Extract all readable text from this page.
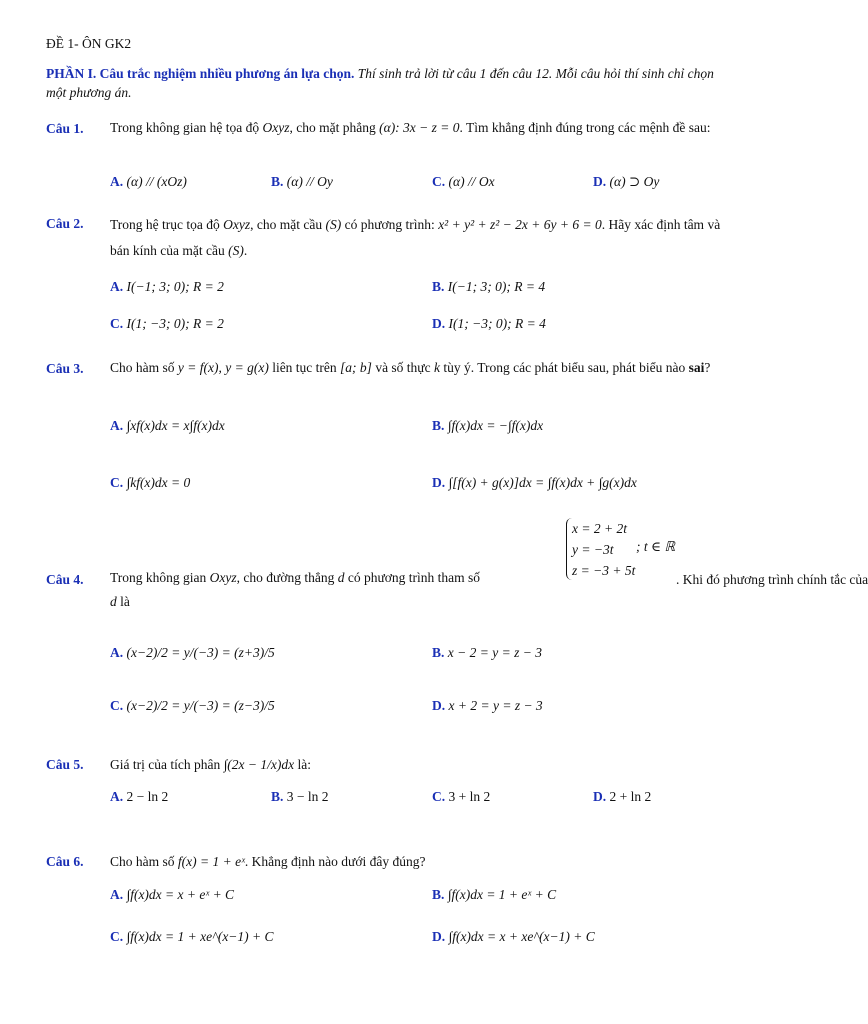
ĐỀ 1- ÔN GK2
PHẦN I. Câu trắc nghiệm nhiều phương án lựa chọn. Thí sinh trả lời từ câu 1 đến câu 12. Mỗi câu hỏi thí sinh chỉ chọn một phương án.
Câu 1. Trong không gian hệ tọa độ Oxyz, cho mặt phẳng (α): 3x − z = 0. Tìm khẳng định đúng trong các mệnh đề sau:
A. (α) // (xOz)	B. (α) // Oy	C. (α) // Ox	D. (α) ⊃ Oy
Câu 2. Trong hệ trục tọa độ Oxyz, cho mặt cầu (S) có phương trình: x² + y² + z² − 2x + 6y + 6 = 0. Hãy xác định tâm và bán kính của mặt cầu (S).
A. I(−1; 3; 0); R = 2	B. I(−1; 3; 0); R = 4
C. I(1; −3; 0); R = 2	D. I(1; −3; 0); R = 4
Câu 3. Cho hàm số y = f(x), y = g(x) liên tục trên [a; b] và số thực k tùy ý. Trong các phát biểu sau, phát biểu nào sai?
A. ∫xf(x)dx = x∫f(x)dx	B. ∫f(x)dx = −∫f(x)dx
C. ∫kf(x)dx = 0	D. ∫[f(x) + g(x)]dx = ∫f(x)dx + ∫g(x)dx
Câu 4. Trong không gian Oxyz, cho đường thẳng d có phương trình tham số
x = 2 + 2t
y = −3t
z = −3 + 5t
; t ∈ ℝ
. Khi đó phương trình chính tắc của
d là
A. (x−2)/2 = y/(−3) = (z+3)/5	B. x − 2 = y = z − 3
C. (x−2)/2 = y/(−3) = (z−3)/5	D. x + 2 = y = z − 3
Câu 5. Giá trị của tích phân ∫(2x − 1/x)dx là:
A. 2 − ln 2	B. 3 − ln 2	C. 3 + ln 2	D. 2 + ln 2
Câu 6. Cho hàm số f(x) = 1 + eˣ. Khẳng định nào dưới đây đúng?
A. ∫f(x)dx = x + eˣ + C	B. ∫f(x)dx = 1 + eˣ + C
C. ∫f(x)dx = 1 + xe^(x−1) + C	D. ∫f(x)dx = x + xe^(x−1) + C
